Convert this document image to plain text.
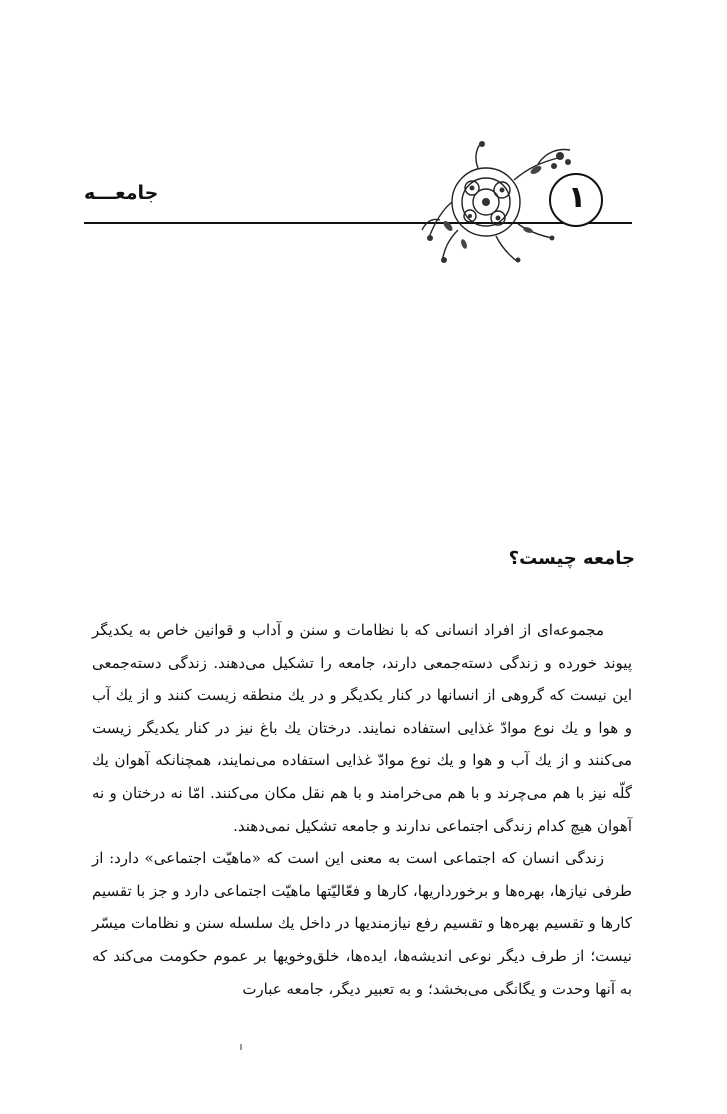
جامعـــه	۱
جامعه چیست؟

مجموعه‌ای از افراد انسانی که با نظامات و سنن و آداب و قوانین خاص به یکدیگر پیوند خورده و زندگی دسته‌جمعی دارند، جامعه را تشکیل می‌دهند. زندگی دسته‌جمعی این نیست که گروهی از انسانها در کنار یکدیگر و در یك منطقه زیست کنند و از یك آب و هوا و یك نوع موادّ غذایی استفاده نمایند. درختان یك باغ نیز در کنار یکدیگر زیست می‌کنند و از یك آب و هوا و یك نوع موادّ غذایی استفاده می‌نمایند، همچنانکه آهوان یك گلّه نیز با هم می‌چرند و با هم می‌خرامند و با هم نقل مکان می‌کنند. امّا نه درختان و نه آهوان هیچ کدام زندگی اجتماعی ندارند و جامعه تشکیل نمی‌دهند.

زندگی انسان که اجتماعی است به معنی این است که «ماهیّت اجتماعی» دارد: از طرفی نیازها، بهره‌ها و برخورداریها، کارها و فعّالیّتها ماهیّت اجتماعی دارد و جز با تقسیم کارها و تقسیم بهره‌ها و تقسیم رفع نیازمندیها در داخل یك سلسله سنن و نظامات میسّر نیست؛ از طرف دیگر نوعی اندیشه‌ها، ایده‌ها، خلق‌وخویها بر عموم حکومت می‌کند که به آنها وحدت و یگانگی می‌بخشد؛ و به تعبیر دیگر، جامعه عبارت
